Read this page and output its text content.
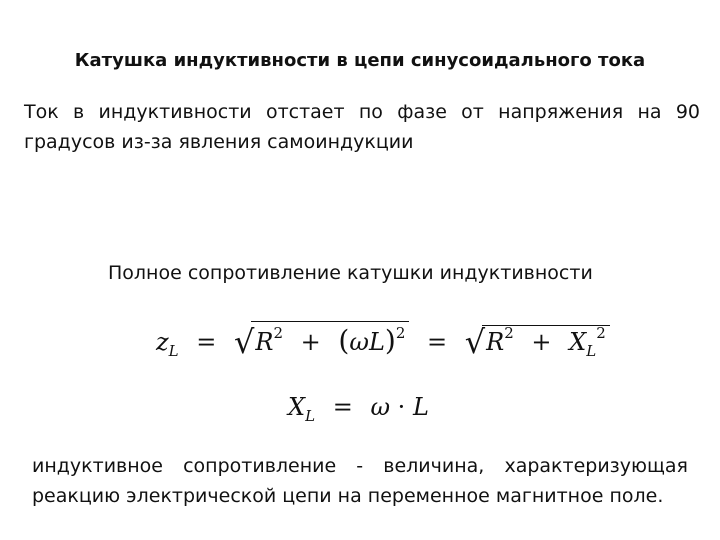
Катушка индуктивности в цепи синусоидального тока
Ток в индуктивности отстает по фазе от напряжения на 90 градусов из-за явления самоиндукции
Полное сопротивление катушки индуктивности
$z_L = √R^2 + (\omega L)^2 = √R^2 + X_L^2$
$X_L = \omega \cdot L$
индуктивное сопротивление - величина, характеризующая реакцию электрической цепи на переменное магнитное поле.
